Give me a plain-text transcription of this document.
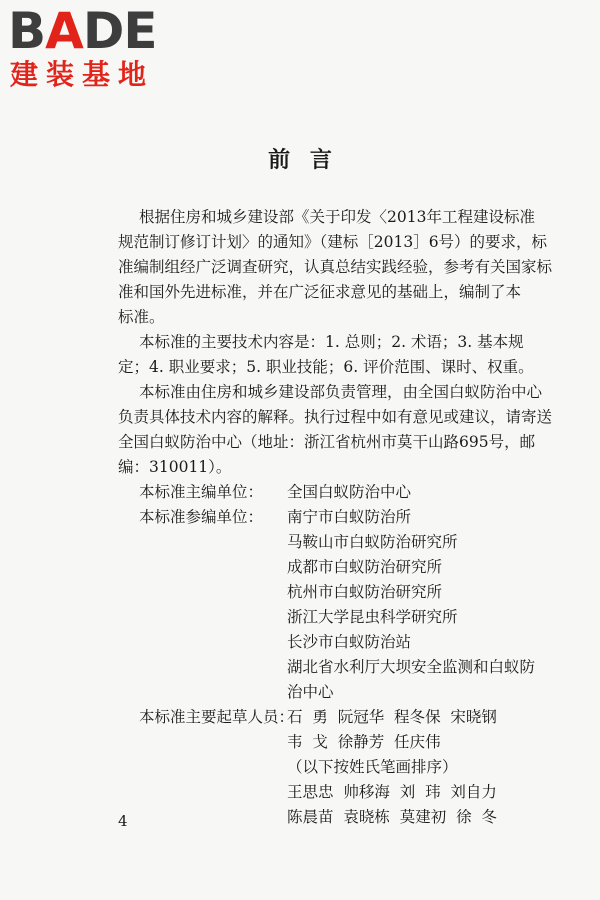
BADE
建装基地
前言
根据住房和城乡建设部《关于印发〈2013年工程建设标准
规范制订修订计划〉的通知》（建标［2013］6号）的要求，标
准编制组经广泛调查研究，认真总结实践经验，参考有关国家标
准和国外先进标准，并在广泛征求意见的基础上，编制了本
标准。
本标准的主要技术内容是：1. 总则；2. 术语；3. 基本规
定；4. 职业要求；5. 职业技能；6. 评价范围、课时、权重。
本标准由住房和城乡建设部负责管理，由全国白蚁防治中心
负责具体技术内容的解释。执行过程中如有意见或建议，请寄送
全国白蚁防治中心（地址：浙江省杭州市莫干山路695号，邮
编：310011）。
本标准主编单位： 全国白蚁防治中心
本标准参编单位： 南宁市白蚁防治所
马鞍山市白蚁防治研究所
成都市白蚁防治研究所
杭州市白蚁防治研究所
浙江大学昆虫科学研究所
长沙市白蚁防治站
湖北省水利厅大坝安全监测和白蚁防
治中心
本标准主要起草人员：
石  勇  阮冠华  程冬保  宋晓钢
韦  戈  徐静芳  任庆伟
（以下按姓氏笔画排序）
王思忠  帅移海  刘  玮  刘自力
陈晨苗  袁晓栋  莫建初  徐  冬
4
